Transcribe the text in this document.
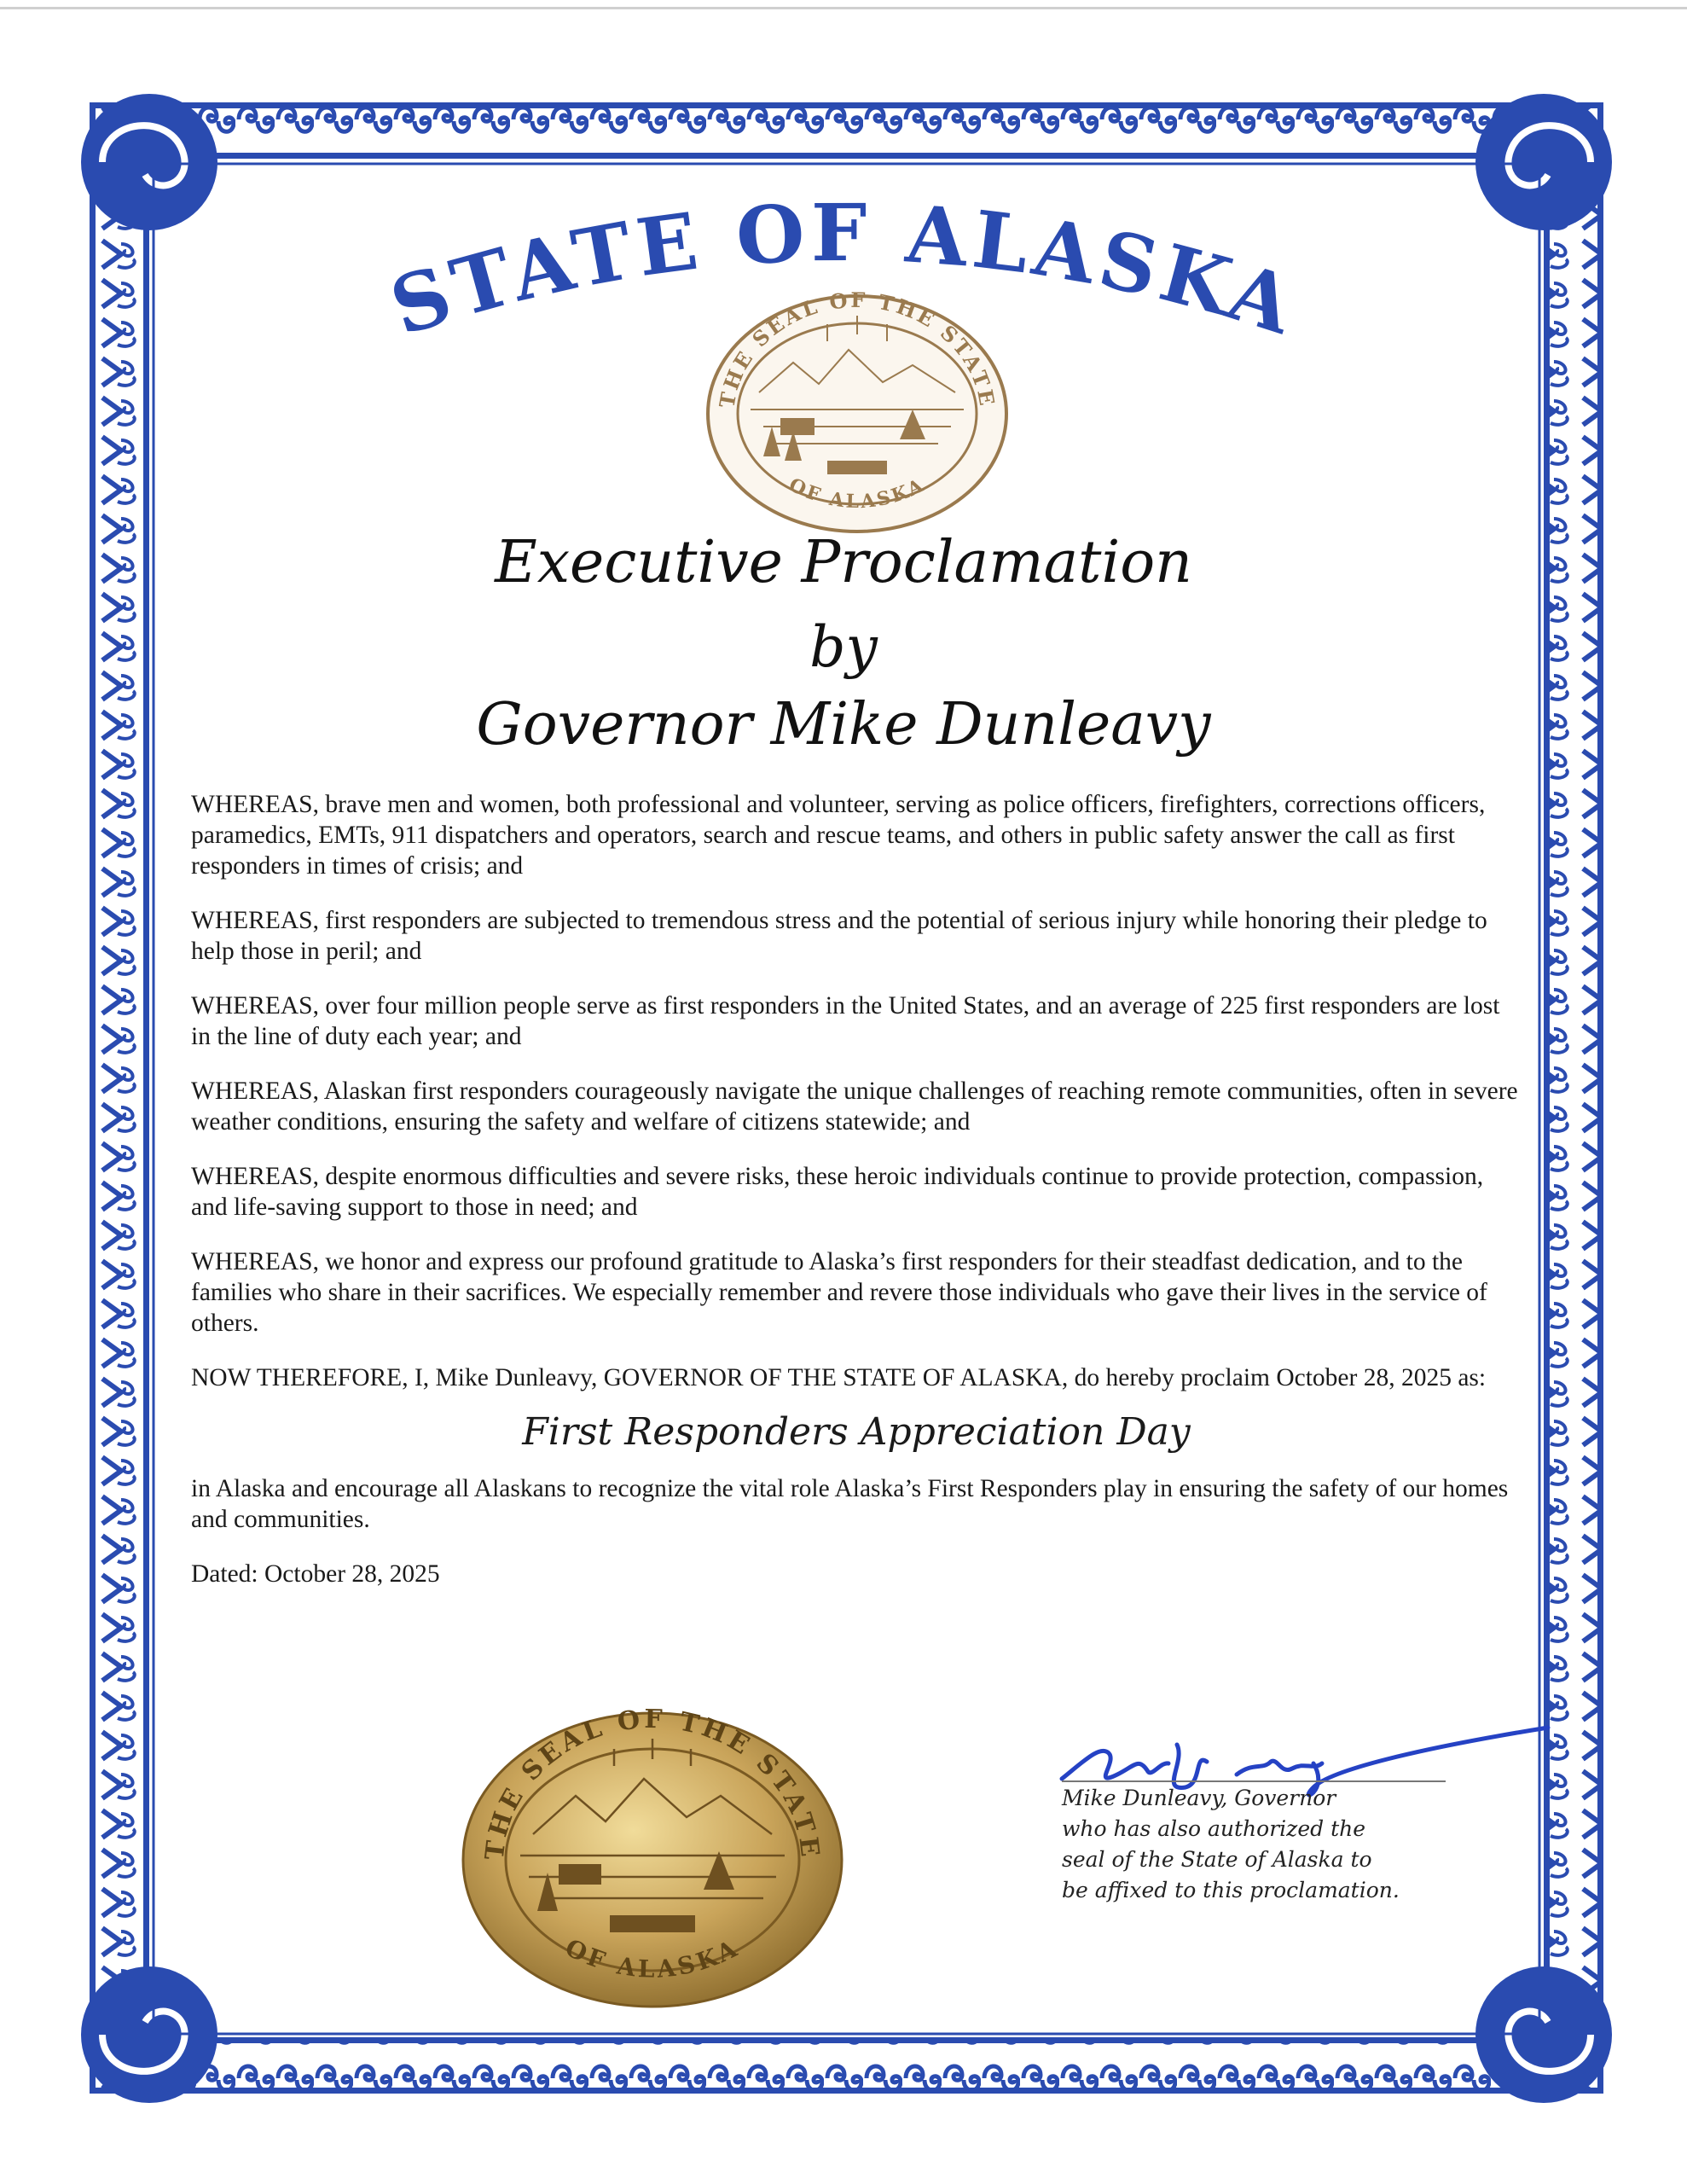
STATE OF ALASKA
THE SEAL OF THE STATE
OF ALASKA
Executive Proclamation
by
Governor Mike Dunleavy

WHEREAS, brave men and women, both professional and volunteer, serving as police officers, firefighters, corrections officers, paramedics, EMTs, 911 dispatchers and operators, search and rescue teams, and others in public safety answer the call as first responders in times of crisis; and

WHEREAS, first responders are subjected to tremendous stress and the potential of serious injury while honoring their pledge to help those in peril; and

WHEREAS, over four million people serve as first responders in the United States, and an average of 225 first responders are lost in the line of duty each year; and

WHEREAS, Alaskan first responders courageously navigate the unique challenges of reaching remote communities, often in severe weather conditions, ensuring the safety and welfare of citizens statewide; and

WHEREAS, despite enormous difficulties and severe risks, these heroic individuals continue to provide protection, compassion, and life-saving support to those in need; and

WHEREAS, we honor and express our profound gratitude to Alaska’s first responders for their steadfast dedication, and to the families who share in their sacrifices. We especially remember and revere those individuals who gave their lives in the service of others.

NOW THEREFORE, I, Mike Dunleavy, GOVERNOR OF THE STATE OF ALASKA, do hereby proclaim October 28, 2025 as:

First Responders Appreciation Day

in Alaska and encourage all Alaskans to recognize the vital role Alaska’s First Responders play in ensuring the safety of our homes and communities.

Dated: October 28, 2025

THE SEAL OF THE STATE
OF ALASKA
Mike Dunleavy, Governor
who has also authorized the
seal of the State of Alaska to
be affixed to this proclamation.
